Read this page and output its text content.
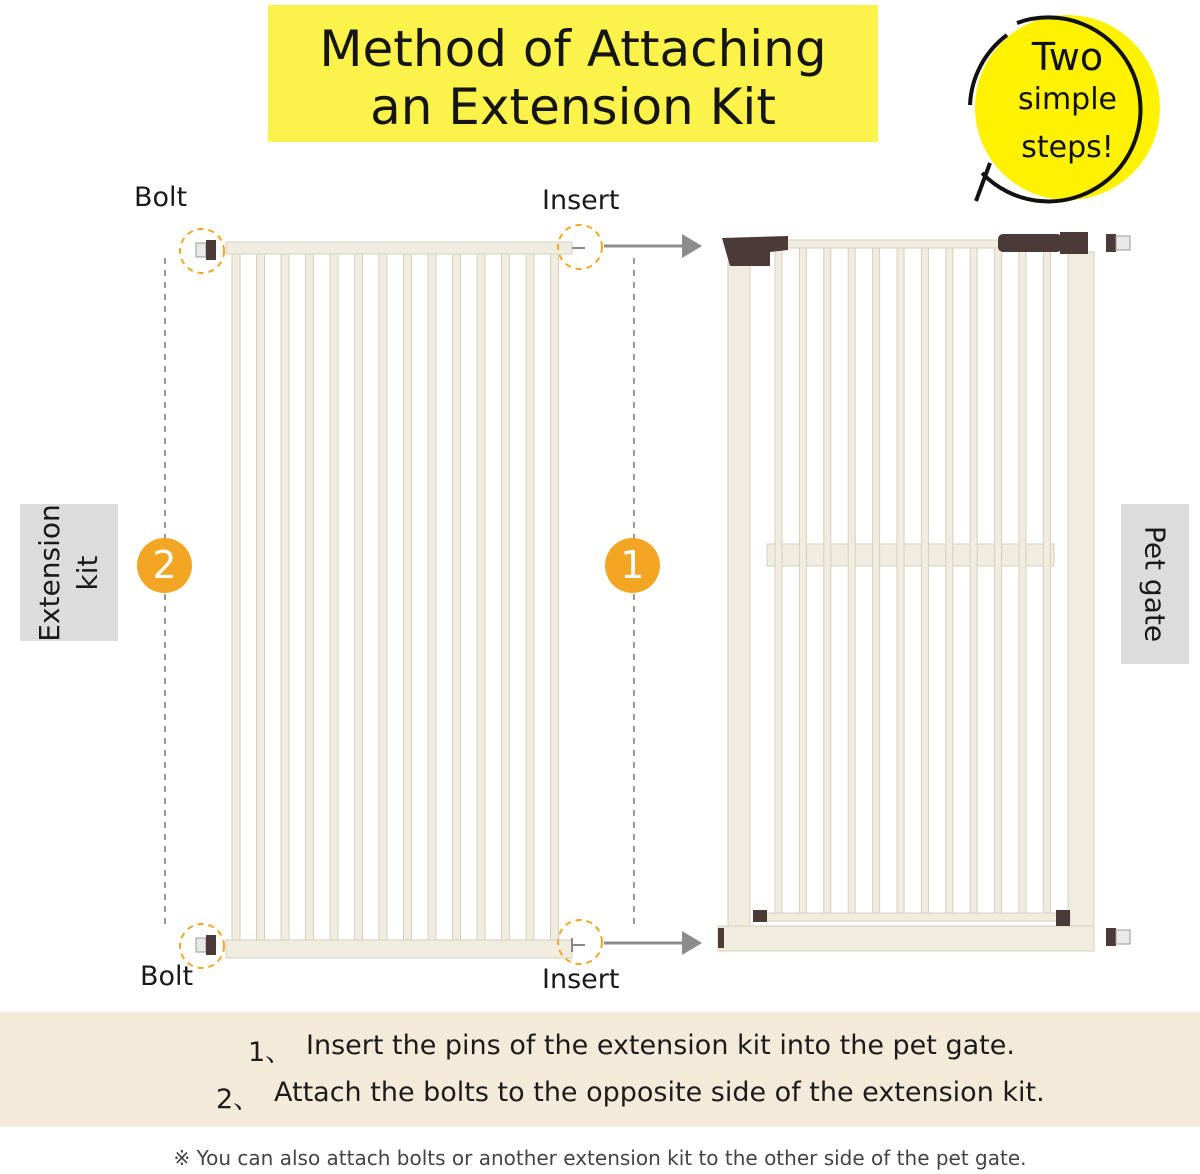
Method of Attaching
an Extension Kit
Two
simple
steps!
Bolt	Insert
Bolt	Insert
Extension kit	Pet gate
2	1
1、 Insert the pins of the extension kit into the pet gate.
2、 Attach the bolts to the opposite side of the extension kit.
※ You can also attach bolts or another extension kit to the other side of the pet gate.
